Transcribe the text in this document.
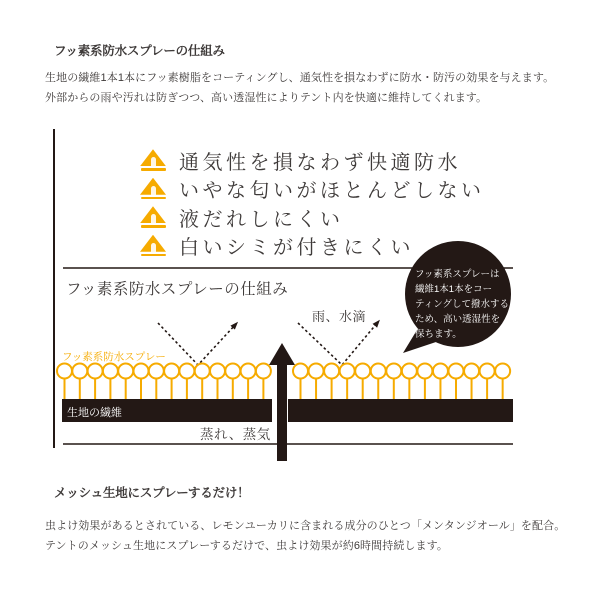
フッ素系防水スプレーの仕組み
生地の繊維1本1本にフッ素樹脂をコーティングし、通気性を損なわずに防水・防汚の効果を与えます。
外部からの雨や汚れは防ぎつつ、高い透湿性によりテント内を快適に維持してくれます。
通気性を損なわず快適防水
いやな匂いがほとんどしない
液だれしにくい
白いシミが付きにくい
フッ素系防水スプレーの仕組み
雨、水滴
フッ素系防水スプレー
生地の繊維
蒸れ、蒸気
フッ素系スプレーは
繊維1本1本をコー
ティングして撥水する
ため、高い透湿性を
保ちます。
メッシュ生地にスプレーするだけ！
虫よけ効果があるとされている、レモンユーカリに含まれる成分のひとつ「メンタンジオール」を配合。
テントのメッシュ生地にスプレーするだけで、虫よけ効果が約6時間持続します。
